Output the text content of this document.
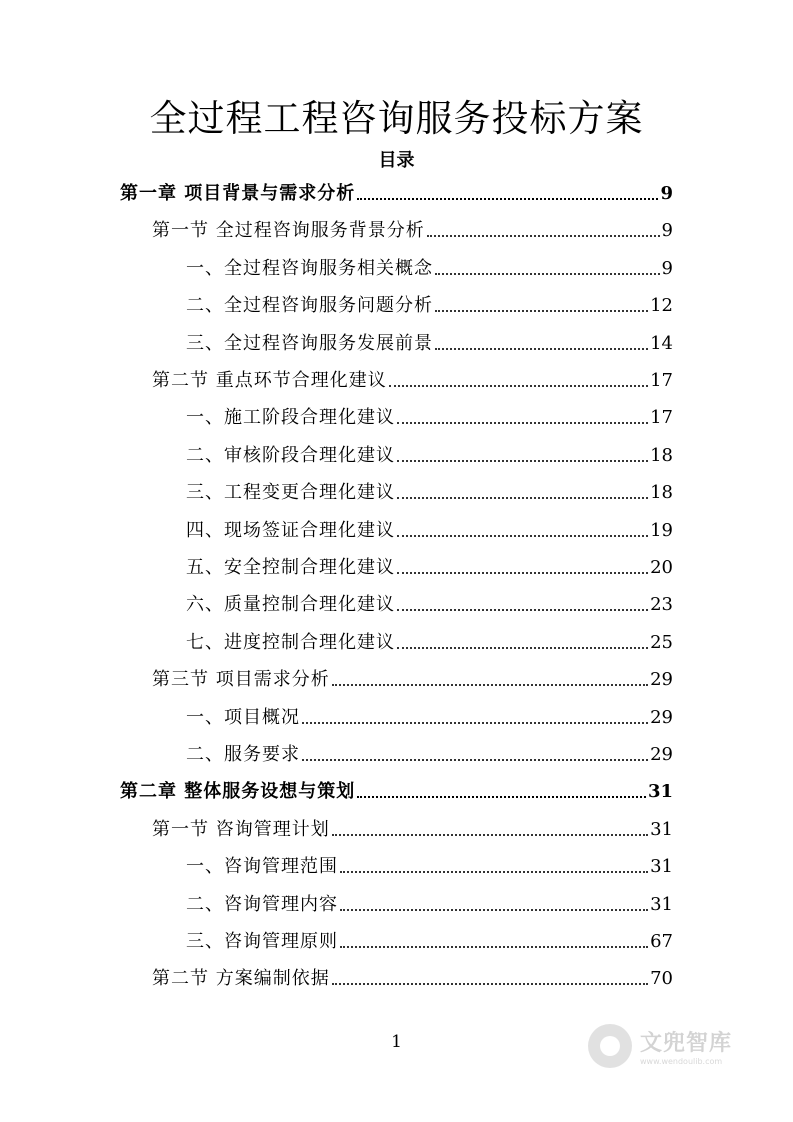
全过程工程咨询服务投标方案
目录
第一章 项目背景与需求分析	9
第一节 全过程咨询服务背景分析	9
一、全过程咨询服务相关概念	9
二、全过程咨询服务问题分析	12
三、全过程咨询服务发展前景	14
第二节 重点环节合理化建议	17
一、施工阶段合理化建议	17
二、审核阶段合理化建议	18
三、工程变更合理化建议	18
四、现场签证合理化建议	19
五、安全控制合理化建议	20
六、质量控制合理化建议	23
七、进度控制合理化建议	25
第三节 项目需求分析	29
一、项目概况	29
二、服务要求	29
第二章 整体服务设想与策划	31
第一节 咨询管理计划	31
一、咨询管理范围	31
二、咨询管理内容	31
三、咨询管理原则	67
第二节 方案编制依据	70
1	文兜智库
www.wendoulib.com
